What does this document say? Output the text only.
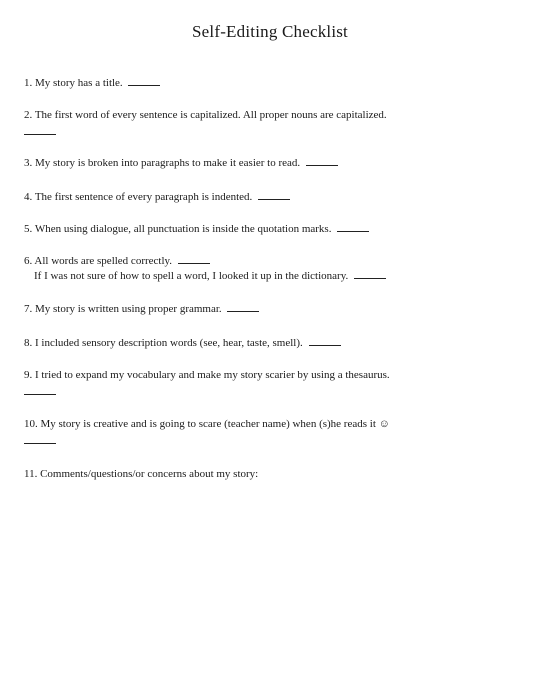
Self-Editing Checklist
1. My story has a title.
2. The first word of every sentence is capitalized. All proper nouns are capitalized.
3. My story is broken into paragraphs to make it easier to read.
4. The first sentence of every paragraph is indented.
5. When using dialogue, all punctuation is inside the quotation marks.
6. All words are spelled correctly.
If I was not sure of how to spell a word, I looked it up in the dictionary.
7. My story is written using proper grammar.
8. I included sensory description words (see, hear, taste, smell).
9. I tried to expand my vocabulary and make my story scarier by using a thesaurus.
10. My story is creative and is going to scare (teacher name) when (s)he reads it ☺
11. Comments/questions/or concerns about my story:
